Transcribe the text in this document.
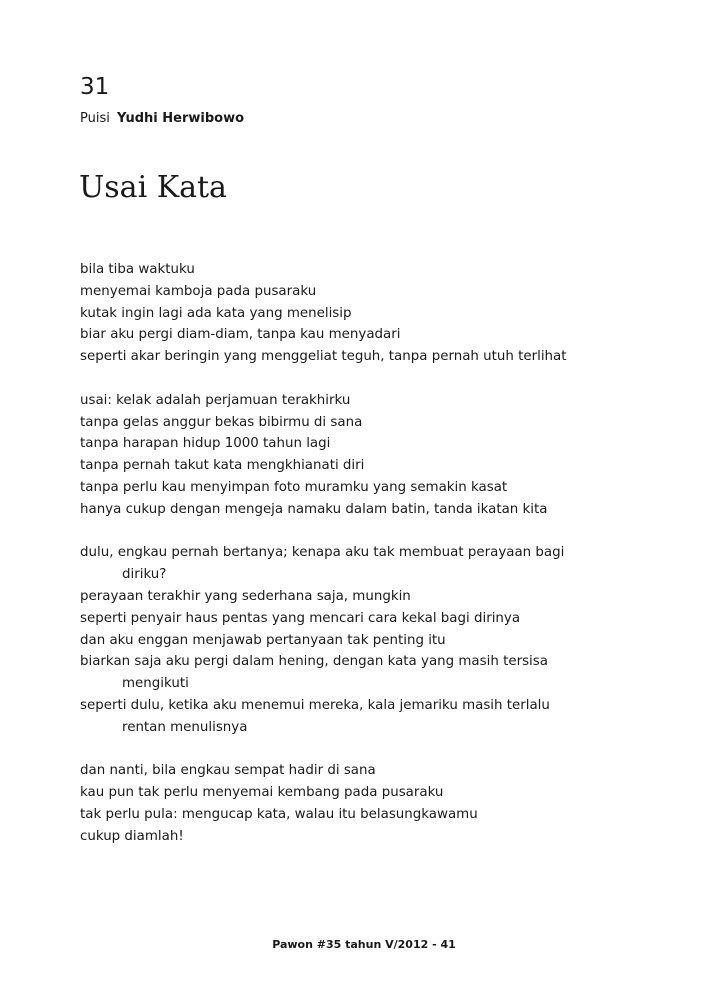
31
Puisi Yudhi Herwibowo
Usai Kata
bila tiba waktuku
menyemai kamboja pada pusaraku
kutak ingin lagi ada kata yang menelisip
biar aku pergi diam-diam, tanpa kau menyadari
seperti akar beringin yang menggeliat teguh, tanpa pernah utuh terlihat
usai: kelak adalah perjamuan terakhirku
tanpa gelas anggur bekas bibirmu di sana
tanpa harapan hidup 1000 tahun lagi
tanpa pernah takut kata mengkhianati diri
tanpa perlu kau menyimpan foto muramku yang semakin kasat
hanya cukup dengan mengeja namaku dalam batin, tanda ikatan kita
dulu, engkau pernah bertanya; kenapa aku tak membuat perayaan bagi
diriku?
perayaan terakhir yang sederhana saja, mungkin
seperti penyair haus pentas yang mencari cara kekal bagi dirinya
dan aku enggan menjawab pertanyaan tak penting itu
biarkan saja aku pergi dalam hening, dengan kata yang masih tersisa
mengikuti
seperti dulu, ketika aku menemui mereka, kala jemariku masih terlalu
rentan menulisnya
dan nanti, bila engkau sempat hadir di sana
kau pun tak perlu menyemai kembang pada pusaraku
tak perlu pula: mengucap kata, walau itu belasungkawamu
cukup diamlah!
Pawon #35 tahun V/2012 - 41
